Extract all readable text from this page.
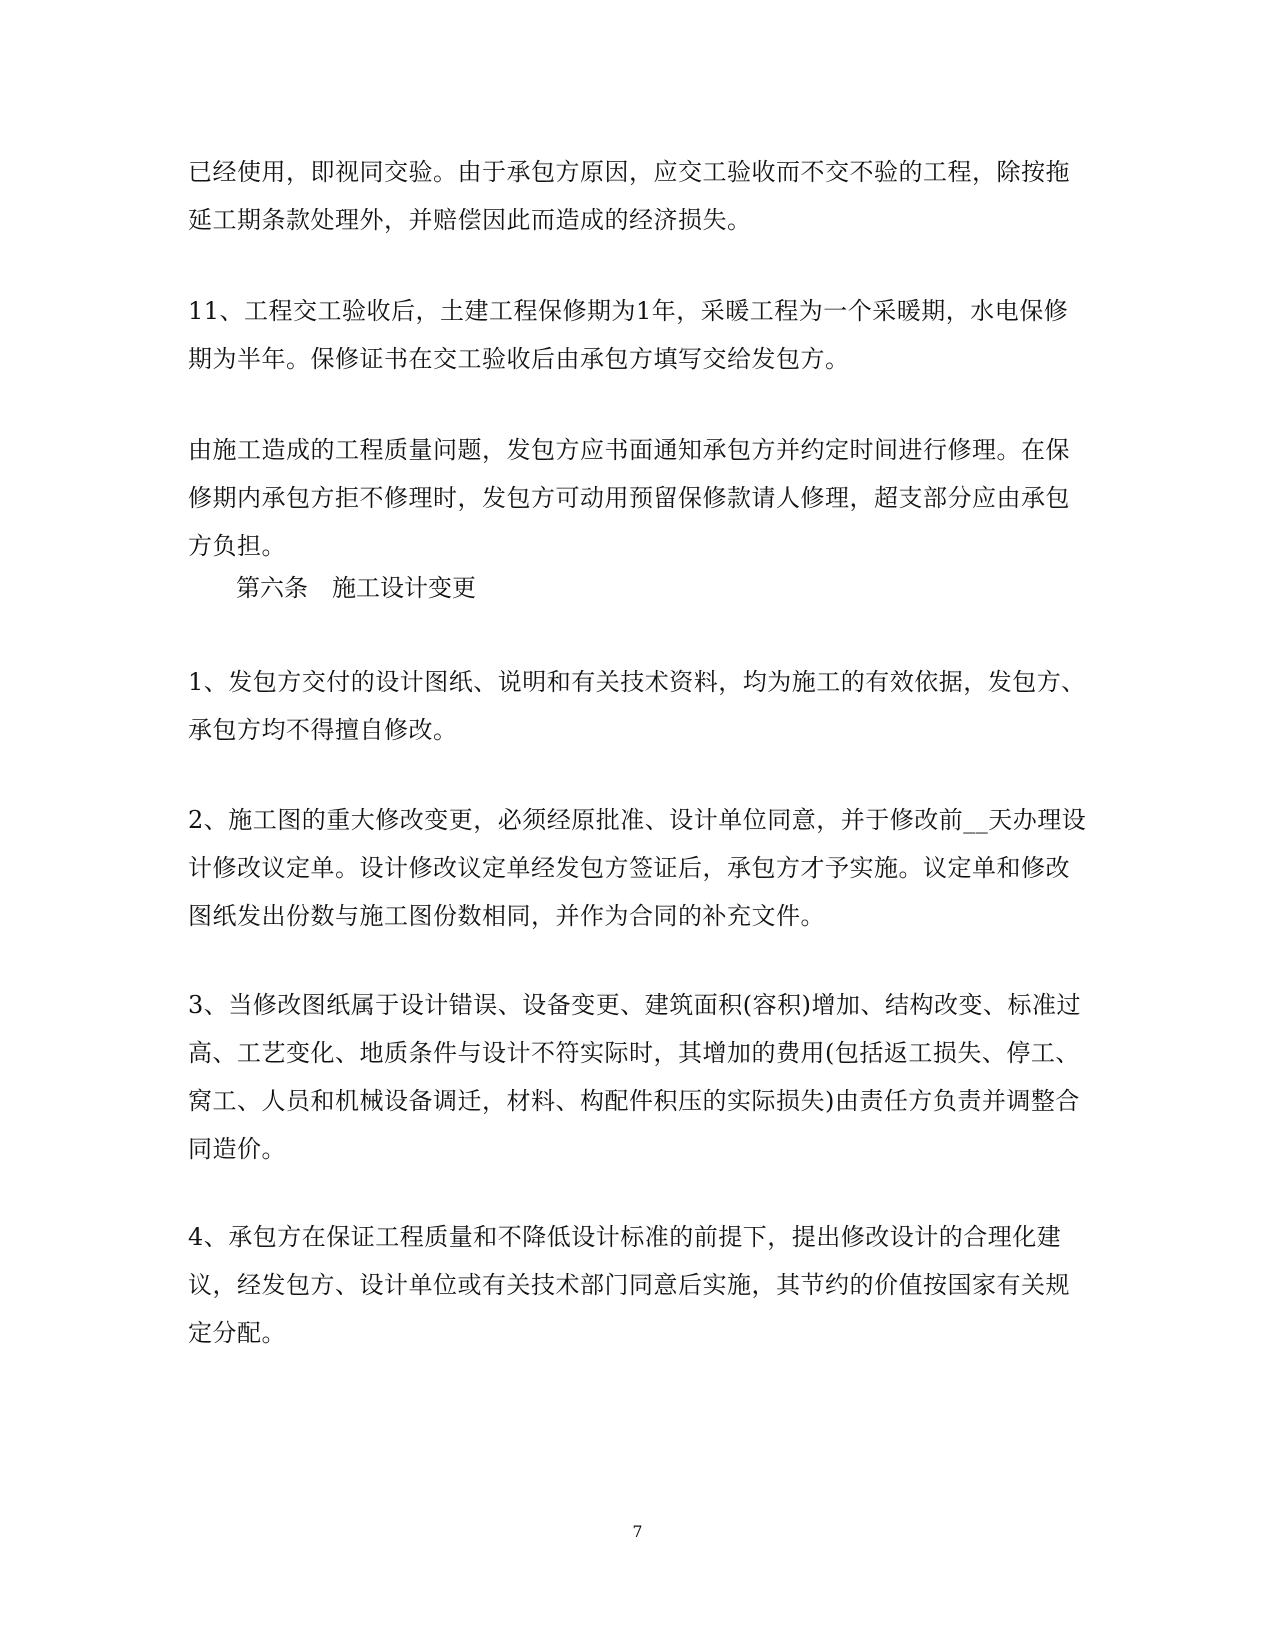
已经使用，即视同交验。由于承包方原因，应交工验收而不交不验的工程，除按拖延工期条款处理外，并赔偿因此而造成的经济损失。

11、工程交工验收后，土建工程保修期为1年，采暖工程为一个采暖期，水电保修期为半年。保修证书在交工验收后由承包方填写交给发包方。

由施工造成的工程质量问题，发包方应书面通知承包方并约定时间进行修理。在保修期内承包方拒不修理时，发包方可动用预留保修款请人修理，超支部分应由承包方负担。

第六条　施工设计变更

1、发包方交付的设计图纸、说明和有关技术资料，均为施工的有效依据，发包方、承包方均不得擅自修改。

2、施工图的重大修改变更，必须经原批准、设计单位同意，并于修改前__天办理设计修改议定单。设计修改议定单经发包方签证后，承包方才予实施。议定单和修改图纸发出份数与施工图份数相同，并作为合同的补充文件。

3、当修改图纸属于设计错误、设备变更、建筑面积(容积)增加、结构改变、标准过高、工艺变化、地质条件与设计不符实际时，其增加的费用(包括返工损失、停工、窝工、人员和机械设备调迁，材料、构配件积压的实际损失)由责任方负责并调整合同造价。

4、承包方在保证工程质量和不降低设计标准的前提下，提出修改设计的合理化建议，经发包方、设计单位或有关技术部门同意后实施，其节约的价值按国家有关规定分配。

7
